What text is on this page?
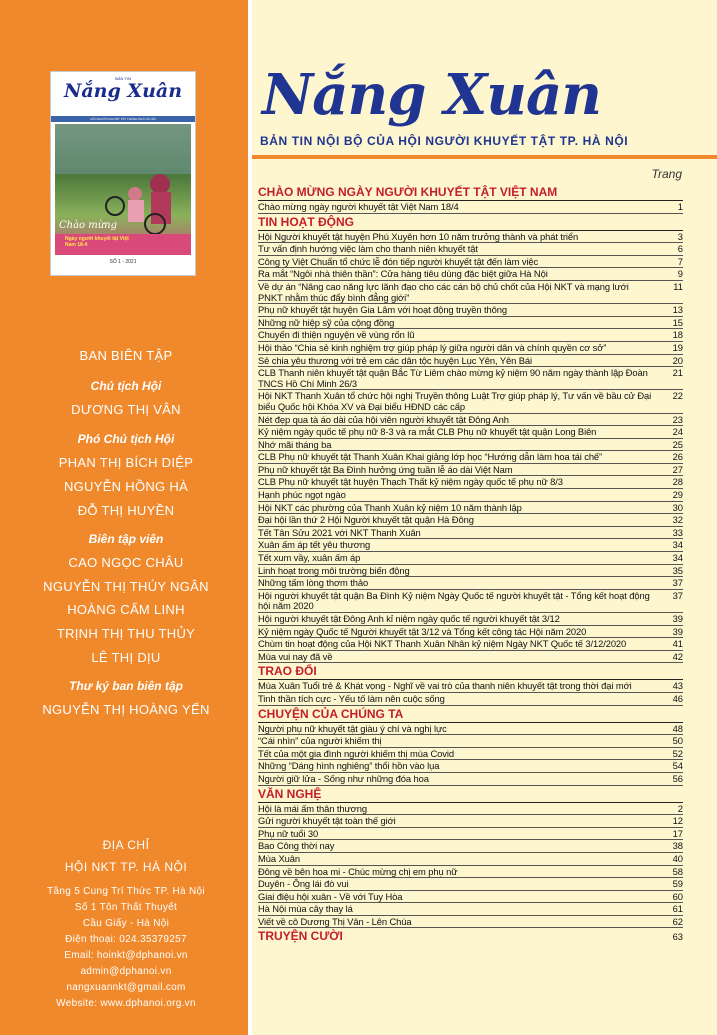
BẢN TIN
Nắng Xuân
HỘI NGƯỜI KHUYẾT TẬT THÀNH PHỐ HÀ NỘI
Chào mừng
Ngày người khuyết tật Việt Nam 18-4
SỐ 1 - 2021
BAN BIÊN TẬP
Chủ tịch Hội
DƯƠNG THỊ VÂN
Phó Chủ tịch Hội
PHAN THỊ BÍCH DIỆP
NGUYỄN HỒNG HÀ
ĐỖ THỊ HUYỀN
Biên tập viên
CAO NGỌC CHÂU
NGUYỄN THỊ THÚY NGÂN
HOÀNG CẨM LINH
TRỊNH THỊ THU THỦY
LÊ THỊ DỊU
Thư ký ban biên tập
NGUYỄN THỊ HOÀNG YẾN
ĐỊA CHỈ
HỘI NKT TP. HÀ NỘI
Tầng 5 Cung Trí Thức TP. Hà Nội
Số 1 Tôn Thất Thuyết
Cầu Giấy - Hà Nội
Điện thoại: 024.35379257
Email: hoinkt@dphanoi.vn
admin@dphanoi.vn
nangxuannkt@gmail.com
Website: www.dphanoi.org.vn
Nắng Xuân
BẢN TIN NỘI BỘ CỦA HỘI NGƯỜI KHUYẾT TẬT TP. HÀ NỘI
Trang
CHÀO MỪNG NGÀY NGƯỜI KHUYẾT TẬT VIỆT NAM
Chào mừng ngày người khuyết tật Việt Nam 18/4	1
TIN HOẠT ĐỘNG
Hội Người khuyết tật huyện Phú Xuyên hơn 10 năm trưởng thành và phát triển	3
Tư vấn định hướng việc làm cho thanh niên khuyết tật	6
Công ty Việt Chuẩn tổ chức lễ đón tiếp người khuyết tật đến làm việc	7
Ra mắt “Ngôi nhà thiên thần”: Cửa hàng tiêu dùng đặc biệt giữa Hà Nội	9
Về dự án “Nâng cao năng lực lãnh đạo cho các cán bộ chủ chốt của Hội NKT và mạng lưới PNKT nhằm thúc đẩy bình đẳng giới”
11
Phụ nữ khuyết tật huyện Gia Lâm với hoạt động truyền thông	13
Những nữ hiệp sỹ của cộng đồng	15
Chuyến đi thiện nguyện về vùng rốn lũ	18
Hội thảo “Chia sẻ kinh nghiệm trợ giúp pháp lý giữa người dân và chính quyền cơ sở”	19
Sẻ chia yêu thương với trẻ em các dân tộc huyện Lục Yên, Yên Bái	20
CLB Thanh niên khuyết tật quận Bắc Từ Liêm chào mừng kỷ niệm 90 năm ngày thành lập Đoàn TNCS Hồ Chí Minh 26/3
21
Hội NKT Thanh Xuân tổ chức hội nghị Truyền thông Luật Trợ giúp pháp lý, Tư vấn về bầu cử Đại biểu Quốc hội Khóa XV và Đại biểu HĐND các cấp
22
Nét đẹp qua tà áo dài của hội viên người khuyết tật Đông Anh	23
Kỷ niệm ngày quốc tế phụ nữ 8-3 và ra mắt CLB Phụ nữ khuyết tật quận Long Biên	24
Nhớ mãi tháng ba	25
CLB Phụ nữ khuyết tật Thanh Xuân Khai giảng lớp học “Hướng dẫn làm hoa tái chế”	26
Phụ nữ khuyết tật Ba Đình hưởng ứng tuần lễ áo dài Việt Nam	27
CLB Phụ nữ khuyết tật huyện Thạch Thất kỷ niệm ngày quốc tế phụ nữ 8/3	28
Hạnh phúc ngọt ngào	29
Hội NKT các phường của Thanh Xuân kỷ niệm 10 năm thành lập	30
Đại hội lần thứ 2 Hội Người khuyết tật quận Hà Đông	32
Tết Tân Sửu 2021 với NKT Thanh Xuân	33
Xuân ấm áp tết yêu thương	34
Tết xum vầy, xuân ấm áp	34
Linh hoạt trong môi trường biến động	35
Những tấm lòng thơm thảo	37
Hội người khuyết tật quận Ba Đình Kỷ niệm Ngày Quốc tế người khuyết tật - Tổng kết hoạt động hội năm 2020
37
Hội người khuyết tật Đông Anh kỉ niệm ngày quốc tế người khuyết tật 3/12	39
Kỷ niệm ngày Quốc tế Người khuyết tật 3/12 và Tổng kết công tác Hội năm 2020	39
Chùm tin hoạt động của Hội NKT Thanh Xuân Nhân kỷ niệm Ngày NKT Quốc tế 3/12/2020	41
Mùa vui nay đã về	42
TRAO ĐỔI
Mùa Xuân Tuổi trẻ & Khát vọng - Nghĩ về vai trò của thanh niên khuyết tật trong thời đại mới	43
Tinh thần tích cực - Yếu tố làm nên cuộc sống	46
CHUYỆN CỦA CHÚNG TA
Người phụ nữ khuyết tật giàu ý chí và nghị lực	48
“Cái nhìn” của người khiếm thị	50
Tết của một gia đình người khiếm thị mùa Covid	52
Những “Dáng hình nghiêng” thổi hồn vào lụa	54
Người giữ lửa - Sống như những đóa hoa	56
VĂN NGHỆ
Hội là mái ấm thân thương	2
Gửi người khuyết tật toàn thế giới	12
Phụ nữ tuổi 30	17
Bao Công thời nay	38
Mùa Xuân	40
Đông về bên hoa mi - Chúc mừng chị em phụ nữ	58
Duyên - Ông lái đò vui	59
Giai điệu hội xuân - Về với Tuy Hòa	60
Hà Nội mùa cây thay lá	61
Viết về cô Dương Thị Vân - Lên Chùa	62
TRUYỆN CƯỜI	63
